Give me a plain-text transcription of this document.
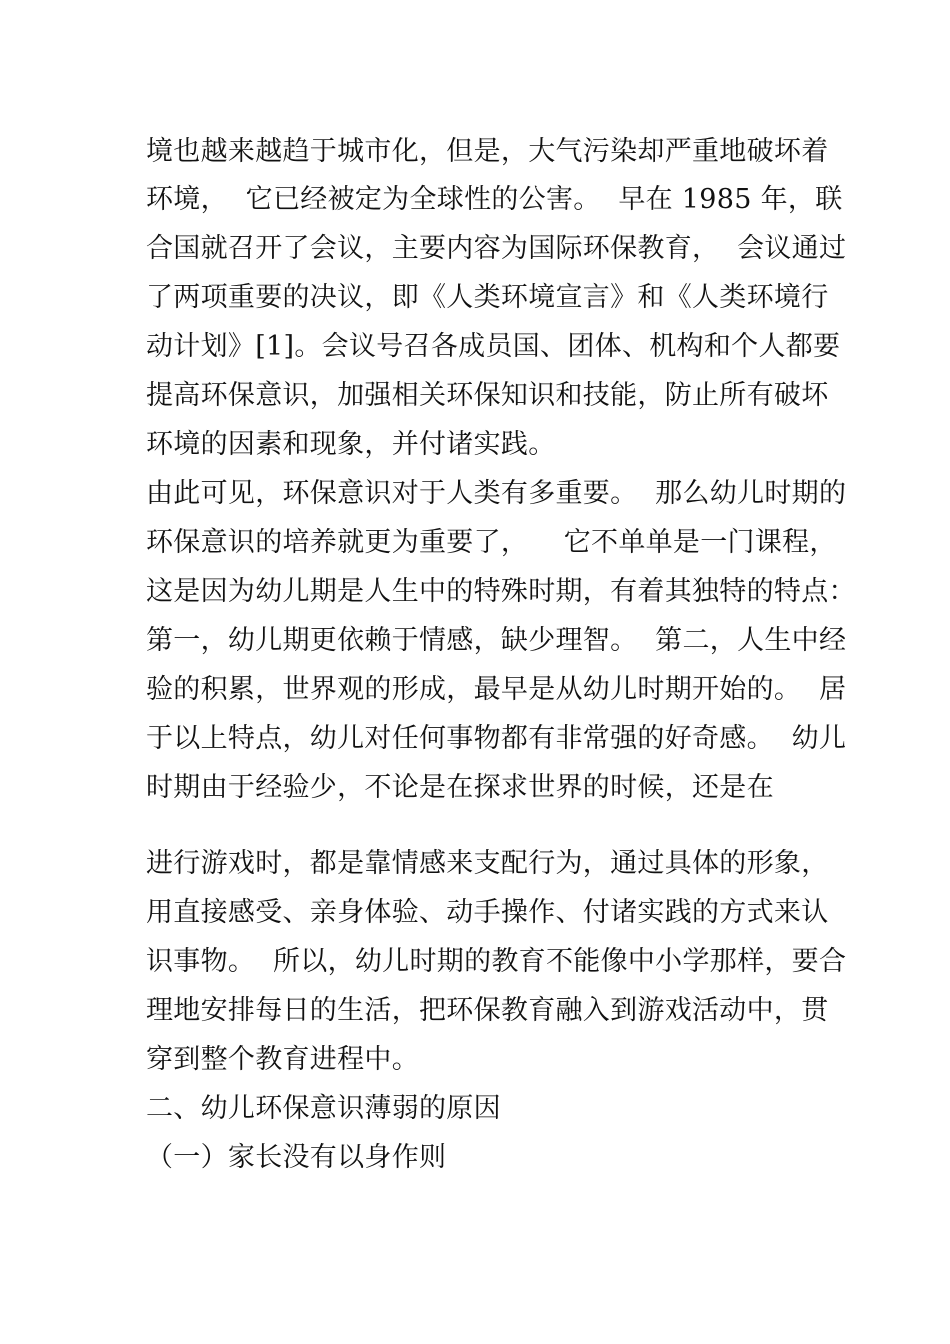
境也越来越趋于城市化，但是，大气污染却严重地破坏着
环境，  它已经被定为全球性的公害。  早在 1985 年，联
合国就召开了会议，主要内容为国际环保教育，  会议通过
了两项重要的决议，即《人类环境宣言》和《人类环境行
动计划》[1]。会议号召各成员国、团体、机构和个人都要
提高环保意识，加强相关环保知识和技能，防止所有破坏
环境的因素和现象，并付诸实践。
由此可见，环保意识对于人类有多重要。  那么幼儿时期的
环保意识的培养就更为重要了，    它不单单是一门课程，
这是因为幼儿期是人生中的特殊时期，有着其独特的特点：
第一，幼儿期更依赖于情感，缺少理智。  第二，人生中经
验的积累，世界观的形成，最早是从幼儿时期开始的。  居
于以上特点，幼儿对任何事物都有非常强的好奇感。  幼儿
时期由于经验少，不论是在探求世界的时候，还是在
进行游戏时，都是靠情感来支配行为，通过具体的形象，
用直接感受、亲身体验、动手操作、付诸实践的方式来认
识事物。  所以，幼儿时期的教育不能像中小学那样，要合
理地安排每日的生活，把环保教育融入到游戏活动中，贯
穿到整个教育进程中。
二、幼儿环保意识薄弱的原因
（一）家长没有以身作则
